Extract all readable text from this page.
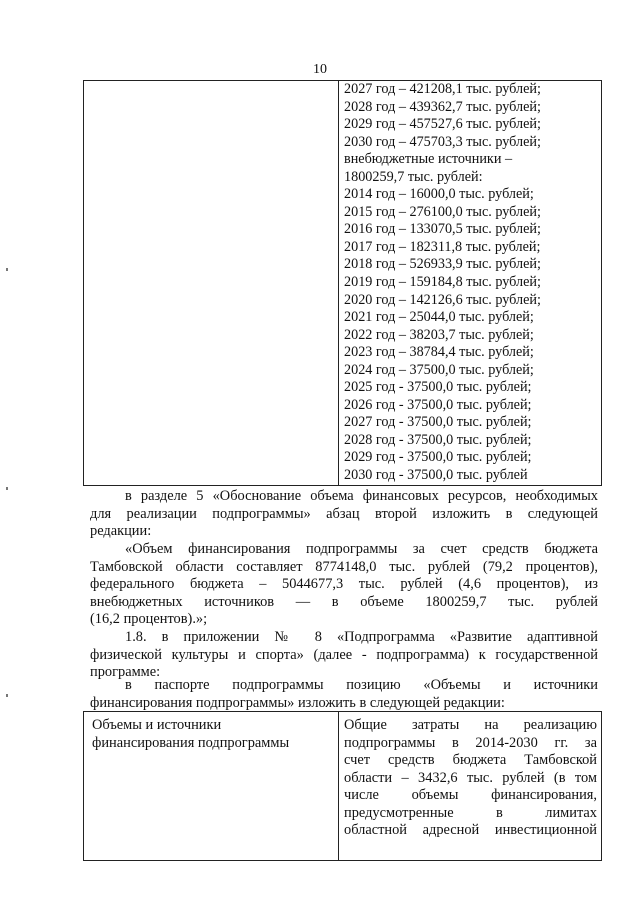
10
2027 год – 421208,1 тыс. рублей;
2028 год – 439362,7 тыс. рублей;
2029 год – 457527,6 тыс. рублей;
2030 год – 475703,3 тыс. рублей;
внебюджетные источники –
1800259,7 тыс. рублей:
2014 год – 16000,0 тыс. рублей;
2015 год – 276100,0 тыс. рублей;
2016 год – 133070,5 тыс. рублей;
2017 год – 182311,8 тыс. рублей;
2018 год – 526933,9 тыс. рублей;
2019 год – 159184,8 тыс. рублей;
2020 год – 142126,6 тыс. рублей;
2021 год – 25044,0 тыс. рублей;
2022 год – 38203,7 тыс. рублей;
2023 год – 38784,4 тыс. рублей;
2024 год – 37500,0 тыс. рублей;
2025 год - 37500,0 тыс. рублей;
2026 год - 37500,0 тыс. рублей;
2027 год - 37500,0 тыс. рублей;
2028 год - 37500,0 тыс. рублей;
2029 год - 37500,0 тыс. рублей;
2030 год - 37500,0 тыс. рублей
в разделе 5 «Обоснование объема финансовых ресурсов, необходимых
для реализации подпрограммы» абзац второй изложить в следующей
редакции:
«Объем финансирования подпрограммы за счет средств бюджета
Тамбовской области составляет 8774148,0 тыс. рублей (79,2 процентов),
федерального бюджета – 5044677,3 тыс. рублей (4,6 процентов), из
внебюджетных источников — в объеме 1800259,7 тыс. рублей
(16,2 процентов).»;
1.8. в приложении № 8 «Подпрограмма «Развитие адаптивной
физической культуры и спорта» (далее - подпрограмма) к государственной
программе:
в паспорте подпрограммы позицию «Объемы и источники
финансирования подпрограммы» изложить в следующей редакции:
Объемы и источники
финансирования подпрограммы
Общие затраты на реализацию
подпрограммы в 2014-2030 гг. за
счет средств бюджета Тамбовской
области – 3432,6 тыс. рублей (в том
числе объемы финансирования,
предусмотренные в лимитах
областной адресной инвестиционной
